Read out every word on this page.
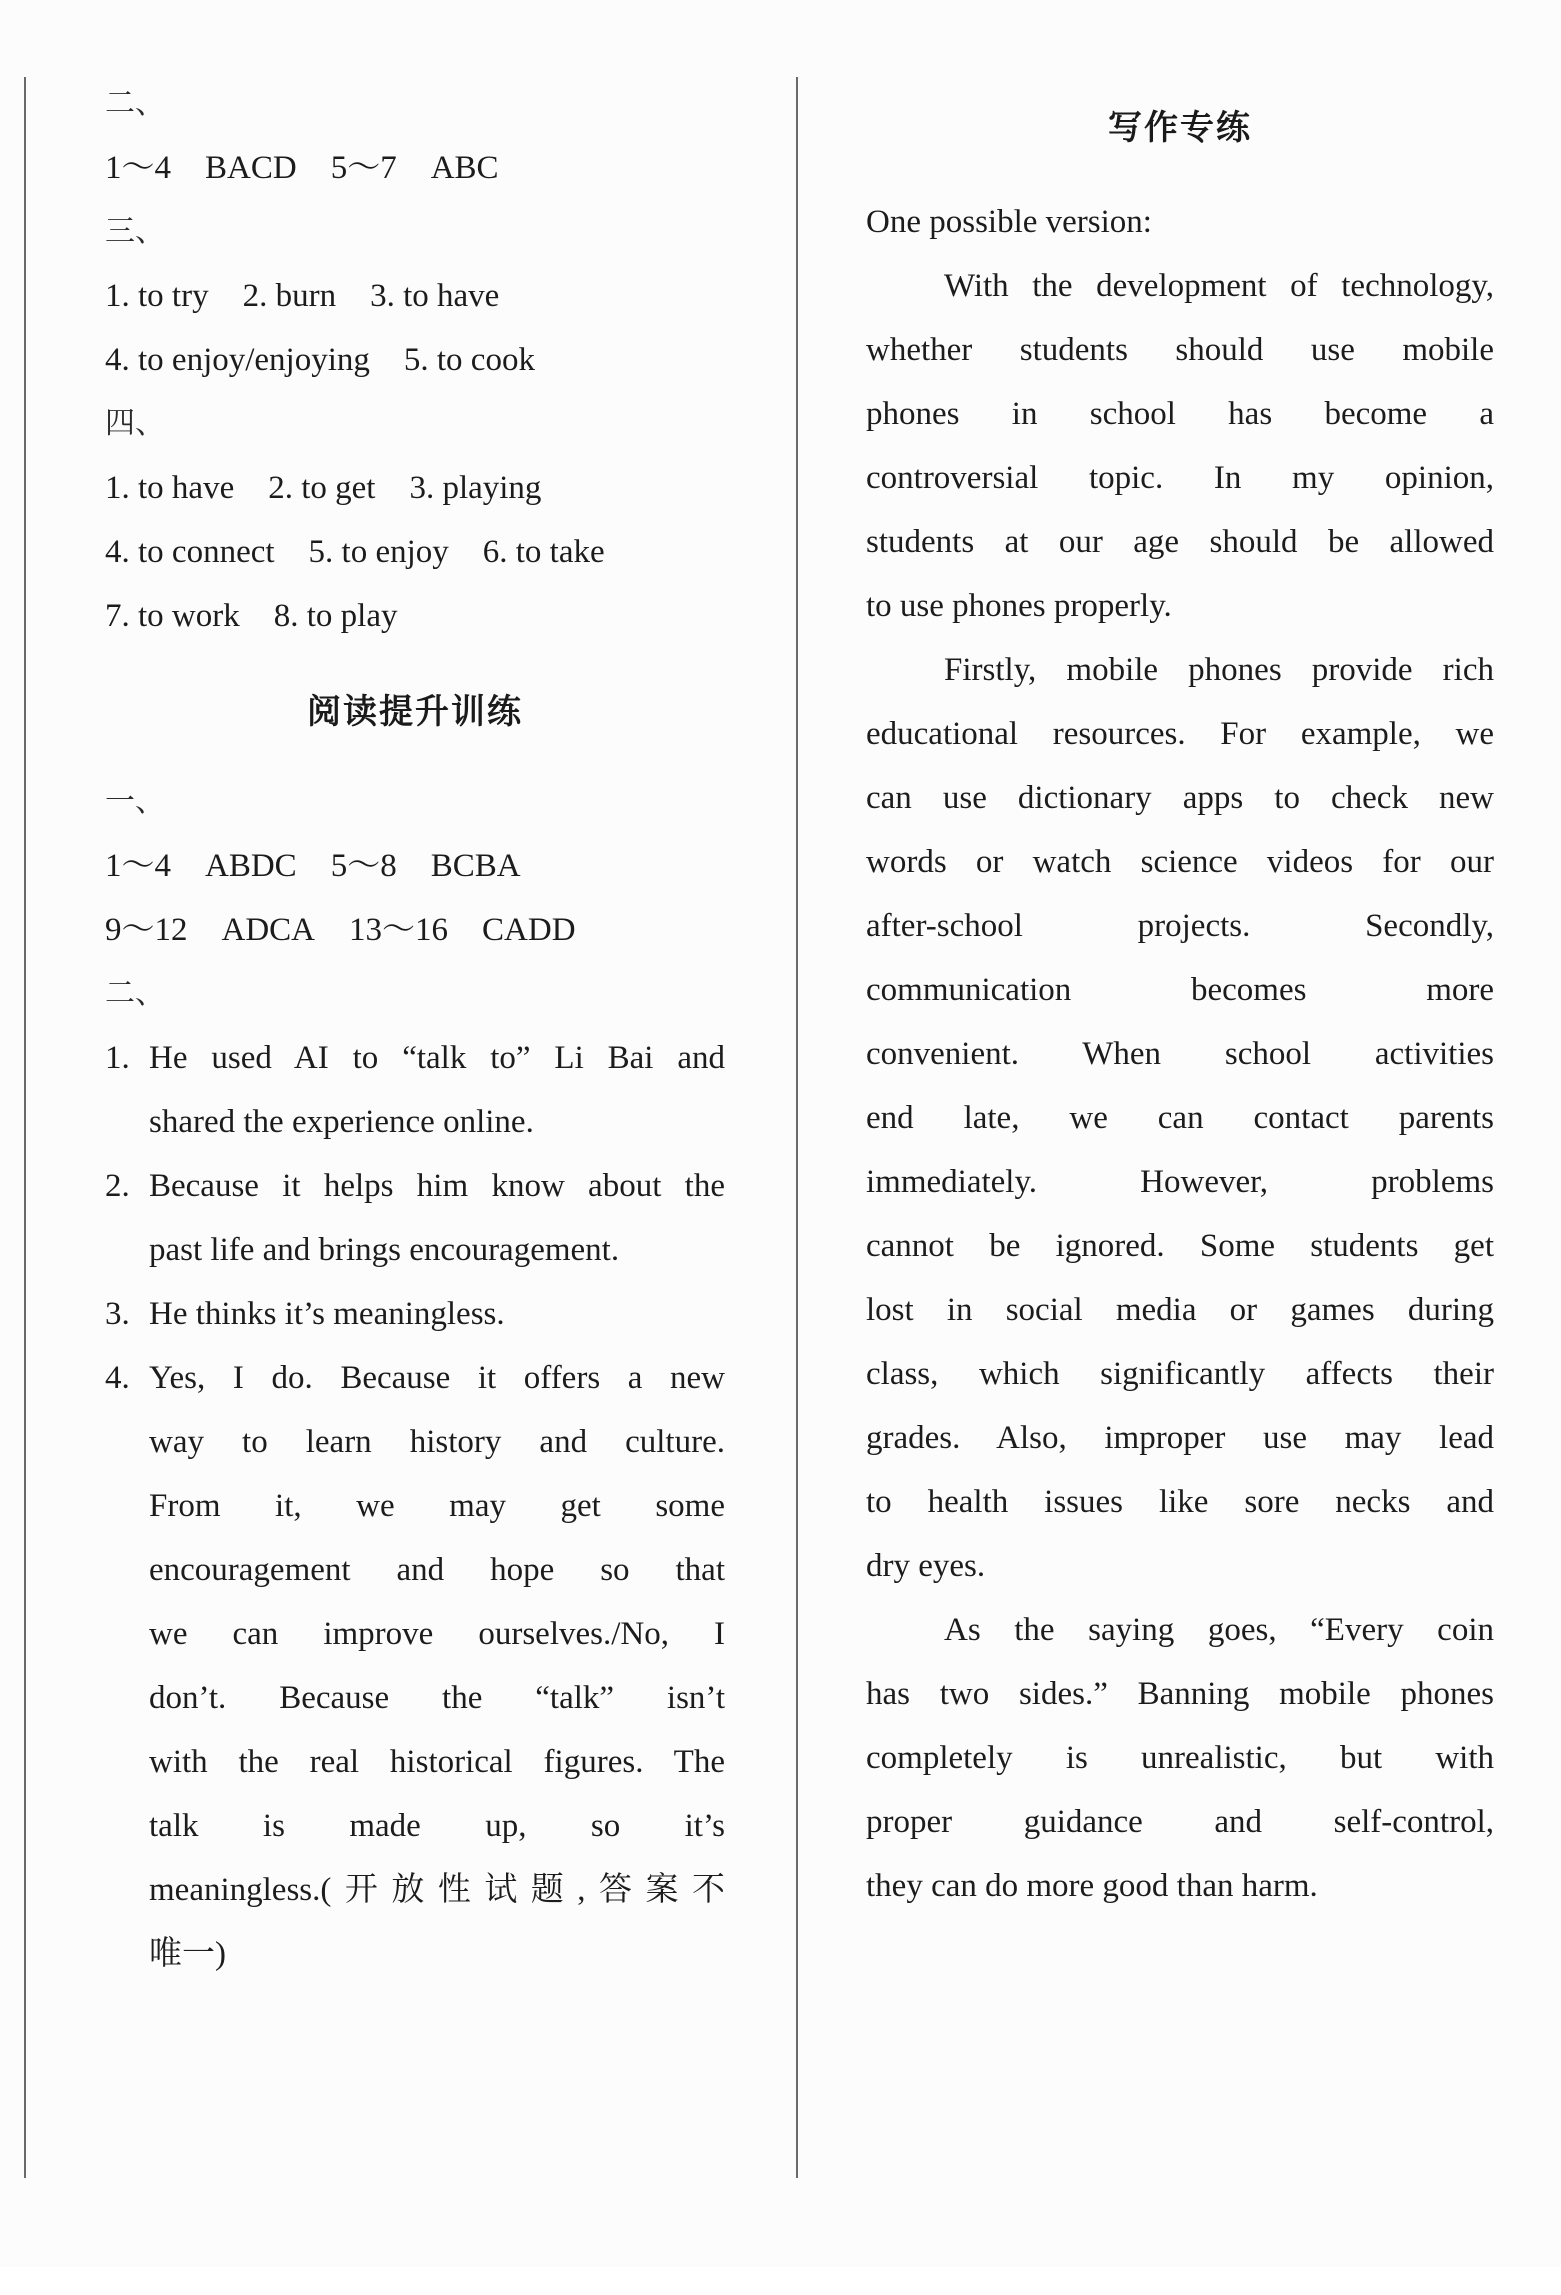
二、
1～4 BACD 5～7 ABC
三、
1. to try 2. burn 3. to have
4. to enjoy/enjoying 5. to cook
四、
1. to have 2. to get 3. playing
4. to connect 5. to enjoy 6. to take
7. to work 8. to play
阅读提升训练
一、
1～4 ABDC 5～8 BCBA
9～12 ADCA 13～16 CADD
二、
1. He used AI to “talk to” Li Bai and
shared the experience online.
2. Because it helps him know about the
past life and brings encouragement.
3. He thinks it’s meaningless.
4. Yes, I do. Because it offers a new
way to learn history and culture.
From it, we may get some
encouragement and hope so that
we can improve ourselves./No, I
don’t. Because the “talk” isn’t
with the real historical figures. The
talk is made up, so it’s
meaningless.(开放性试题,答案不
唯一)
写作专练
One possible version:
With the development of technology,
whether students should use mobile
phones in school has become a
controversial topic. In my opinion,
students at our age should be allowed
to use phones properly.
Firstly, mobile phones provide rich
educational resources. For example, we
can use dictionary apps to check new
words or watch science videos for our
after-school projects. Secondly,
communication becomes more
convenient. When school activities
end late, we can contact parents
immediately. However, problems
cannot be ignored. Some students get
lost in social media or games during
class, which significantly affects their
grades. Also, improper use may lead
to health issues like sore necks and
dry eyes.
As the saying goes, “Every coin
has two sides.” Banning mobile phones
completely is unrealistic, but with
proper guidance and self-control,
they can do more good than harm.
